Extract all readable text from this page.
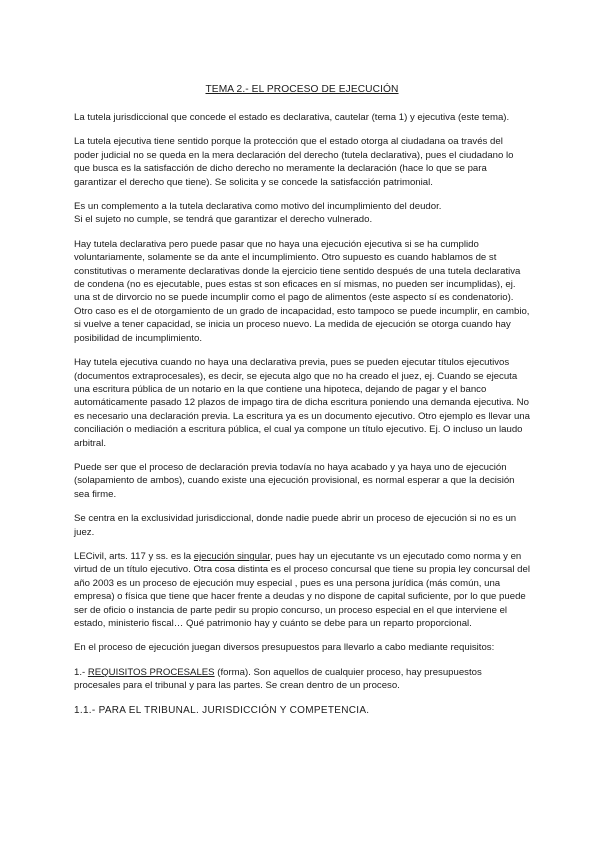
TEMA 2.- EL PROCESO DE EJECUCIÓN

La tutela jurisdiccional que concede el estado es declarativa, cautelar (tema 1) y ejecutiva (este tema).

La tutela ejecutiva tiene sentido porque la protección que el estado otorga al ciudadana oa través del poder judicial no se queda en la mera declaración del derecho (tutela declarativa), pues el ciudadano lo que busca es la satisfacción de dicho derecho no meramente la declaración (hace lo que se para garantizar el derecho que tiene). Se solicita y se concede la satisfacción patrimonial.

Es un complemento a la tutela declarativa como motivo del incumplimiento del deudor.
Si el sujeto no cumple, se tendrá que garantizar el derecho vulnerado.

Hay tutela declarativa pero puede pasar que no haya una ejecución ejecutiva si se ha cumplido voluntariamente, solamente se da ante el incumplimiento. Otro supuesto es cuando hablamos de st constitutivas o meramente declarativas donde la ejercicio tiene sentido después de una tutela declarativa de condena (no es ejecutable, pues estas st son eficaces en sí mismas, no pueden ser incumplidas), ej. una st de dirvorcio no se puede incumplir como el pago de alimentos (este aspecto sí es condenatorio). Otro caso es el de otorgamiento de un grado de incapacidad, esto tampoco se puede incumplir, en cambio, si vuelve a tener capacidad, se inicia un proceso nuevo. La medida de ejecución se otorga cuando hay posibilidad de incumplimiento.

Hay tutela ejecutiva cuando no haya una declarativa previa, pues se pueden ejecutar títulos ejecutivos (documentos extraprocesales), es decir, se ejecuta algo que no ha creado el juez, ej. Cuando se ejecuta una escritura pública de un notario en la que contiene una hipoteca, dejando de pagar y el banco automáticamente pasado 12 plazos de impago tira de dicha escritura poniendo una demanda ejecutiva. No es necesario una declaración previa. La escritura ya es un documento ejecutivo. Otro ejemplo es llevar una conciliación o mediación a escritura pública, el cual ya compone un título ejecutivo. Ej. O incluso un laudo arbitral.

Puede ser que el proceso de declaración previa todavía no haya acabado y ya haya uno de ejecución (solapamiento de ambos), cuando existe una ejecución provisional, es normal esperar a que la decisión sea firme.

Se centra en la exclusividad jurisdiccional, donde nadie puede abrir un proceso de ejecución si no es un juez.

LECivil, arts. 117 y ss. es la ejecución singular, pues hay un ejecutante vs un ejecutado como norma y en virtud de un título ejecutivo. Otra cosa distinta es el proceso concursal que tiene su propia ley concursal del año 2003 es un proceso de ejecución muy especial , pues es una persona jurídica (más común, una empresa) o física que tiene que hacer frente a deudas y no dispone de capital suficiente, por lo que puede ser de oficio o instancia de parte pedir su propio concurso, un proceso especial en el que interviene el estado, ministerio fiscal… Qué patrimonio hay y cuánto se debe para un reparto proporcional.

En el proceso de ejecución juegan diversos presupuestos para llevarlo a cabo mediante requisitos:

1.- REQUISITOS PROCESALES (forma). Son aquellos de cualquier proceso, hay presupuestos procesales para el tribunal y para las partes. Se crean dentro de un proceso.

1.1.- PARA EL TRIBUNAL. JURISDICCIÓN Y COMPETENCIA.
